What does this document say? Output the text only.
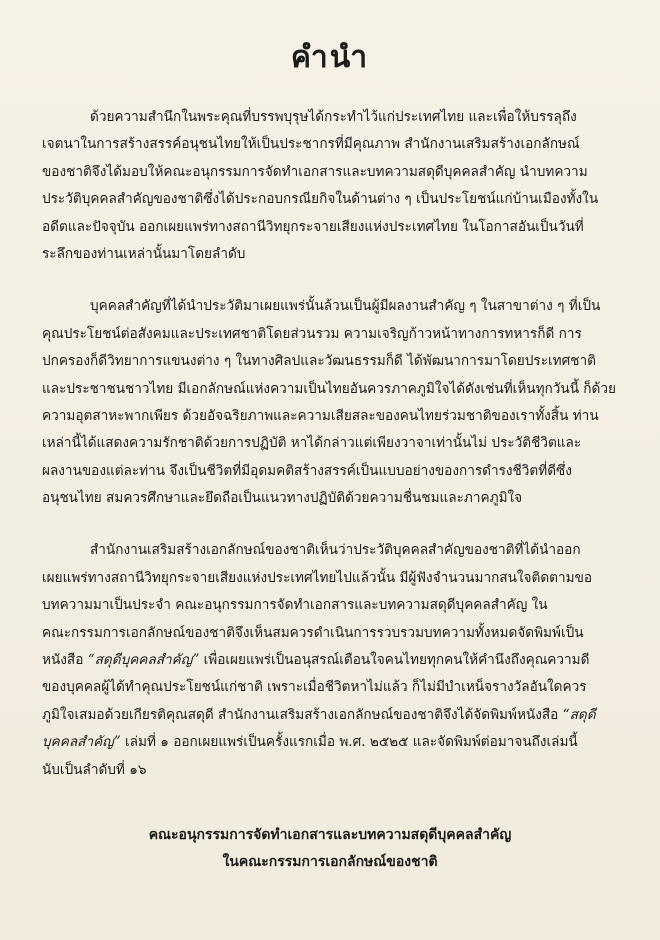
คำนำ
ด้วยความสำนึกในพระคุณที่บรรพบุรุษได้กระทำไว้แก่ประเทศไทย และเพื่อให้บรรลุถึง
เจตนาในการสร้างสรรค์อนุชนไทยให้เป็นประชากรที่มีคุณภาพ สำนักงานเสริมสร้างเอกลักษณ์
ของชาติจึงได้มอบให้คณะอนุกรรมการจัดทำเอกสารและบทความสดุดีบุคคลสำคัญ นำบทความ
ประวัติบุคคลสำคัญของชาติซึ่งได้ประกอบกรณียกิจในด้านต่าง ๆ เป็นประโยชน์แก่บ้านเมืองทั้งใน
อดีตและปัจจุบัน ออกเผยแพร่ทางสถานีวิทยุกระจายเสียงแห่งประเทศไทย ในโอกาสอันเป็นวันที่
ระลึกของท่านเหล่านั้นมาโดยลำดับ
บุคคลสำคัญที่ได้นำประวัติมาเผยแพร่นั้นล้วนเป็นผู้มีผลงานสำคัญ ๆ ในสาขาต่าง ๆ ที่เป็น
คุณประโยชน์ต่อสังคมและประเทศชาติโดยส่วนรวม ความเจริญก้าวหน้าทางการทหารก็ดี การ
ปกครองก็ดีวิทยาการแขนงต่าง ๆ ในทางศิลปและวัฒนธรรมก็ดี ได้พัฒนาการมาโดยประเทศชาติ
และประชาชนชาวไทย มีเอกลักษณ์แห่งความเป็นไทยอันควรภาคภูมิใจได้ดังเช่นที่เห็นทุกวันนี้ ก็ด้วย
ความอุตสาหะพากเพียร ด้วยอัจฉริยภาพและความเสียสละของคนไทยร่วมชาติของเราทั้งสิ้น ท่าน
เหล่านี้ได้แสดงความรักชาติด้วยการปฏิบัติ หาได้กล่าวแต่เพียงวาจาเท่านั้นไม่ ประวัติชีวิตและ
ผลงานของแต่ละท่าน จึงเป็นชีวิตที่มีอุดมคติสร้างสรรค์เป็นแบบอย่างของการดำรงชีวิตที่ดีซึ่ง
อนุชนไทย สมควรศึกษาและยึดถือเป็นแนวทางปฏิบัติด้วยความชื่นชมและภาคภูมิใจ
สำนักงานเสริมสร้างเอกลักษณ์ของชาติเห็นว่าประวัติบุคคลสำคัญของชาติที่ได้นำออก
เผยแพร่ทางสถานีวิทยุกระจายเสียงแห่งประเทศไทยไปแล้วนั้น มีผู้ฟังจำนวนมากสนใจติดตามขอ
บทความมาเป็นประจำ คณะอนุกรรมการจัดทำเอกสารและบทความสดุดีบุคคลสำคัญ ใน
คณะกรรมการเอกลักษณ์ของชาติจึงเห็นสมควรดำเนินการรวบรวมบทความทั้งหมดจัดพิมพ์เป็น
หนังสือ “สดุดีบุคคลสำคัญ” เพื่อเผยแพร่เป็นอนุสรณ์เตือนใจคนไทยทุกคนให้คำนึงถึงคุณความดี
ของบุคคลผู้ได้ทำคุณประโยชน์แก่ชาติ เพราะเมื่อชีวิตหาไม่แล้ว ก็ไม่มีบำเหน็จรางวัลอันใดควร
ภูมิใจเสมอด้วยเกียรติคุณสดุดี สำนักงานเสริมสร้างเอกลักษณ์ของชาติจึงได้จัดพิมพ์หนังสือ “สดุดี
บุคคลสำคัญ” เล่มที่ ๑ ออกเผยแพร่เป็นครั้งแรกเมื่อ พ.ศ. ๒๕๒๕ และจัดพิมพ์ต่อมาจนถึงเล่มนี้
นับเป็นลำดับที่ ๑๖
คณะอนุกรรมการจัดทำเอกสารและบทความสดุดีบุคคลสำคัญ
ในคณะกรรมการเอกลักษณ์ของชาติ
